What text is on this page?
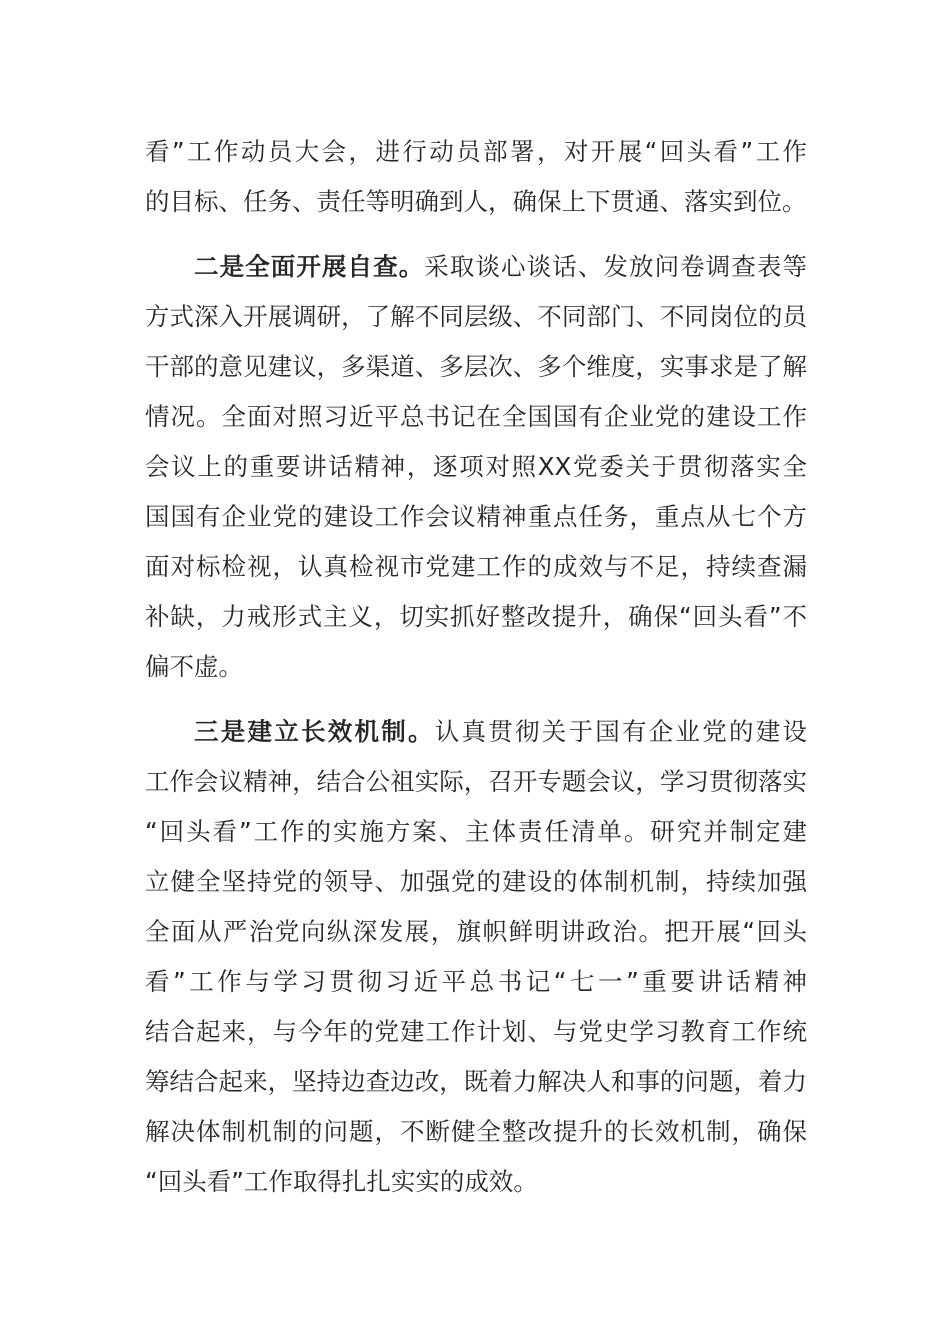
看”工作动员大会，进行动员部署，对开展“回头看”工作
的目标、任务、责任等明确到人，确保上下贯通、落实到位。
二是全面开展自查。采取谈心谈话、发放问卷调查表等
方式深入开展调研，了解不同层级、不同部门、不同岗位的员
干部的意见建议，多渠道、多层次、多个维度，实事求是了解
情况。全面对照习近平总书记在全国国有企业党的建设工作
会议上的重要讲话精神，逐项对照XX党委关于贯彻落实全
国国有企业党的建设工作会议精神重点任务，重点从七个方
面对标检视，认真检视市党建工作的成效与不足，持续查漏
补缺，力戒形式主义，切实抓好整改提升，确保“回头看”不
偏不虚。
三是建立长效机制。认真贯彻关于国有企业党的建设
工作会议精神，结合公祖实际，召开专题会议，学习贯彻落实
“回头看”工作的实施方案、主体责任清单。研究并制定建
立健全坚持党的领导、加强党的建设的体制机制，持续加强
全面从严治党向纵深发展，旗帜鲜明讲政治。把开展“回头
看”工作与学习贯彻习近平总书记“七一”重要讲话精神
结合起来，与今年的党建工作计划、与党史学习教育工作统
筹结合起来，坚持边查边改，既着力解决人和事的问题，着力
解决体制机制的问题，不断健全整改提升的长效机制，确保
“回头看”工作取得扎扎实实的成效。
